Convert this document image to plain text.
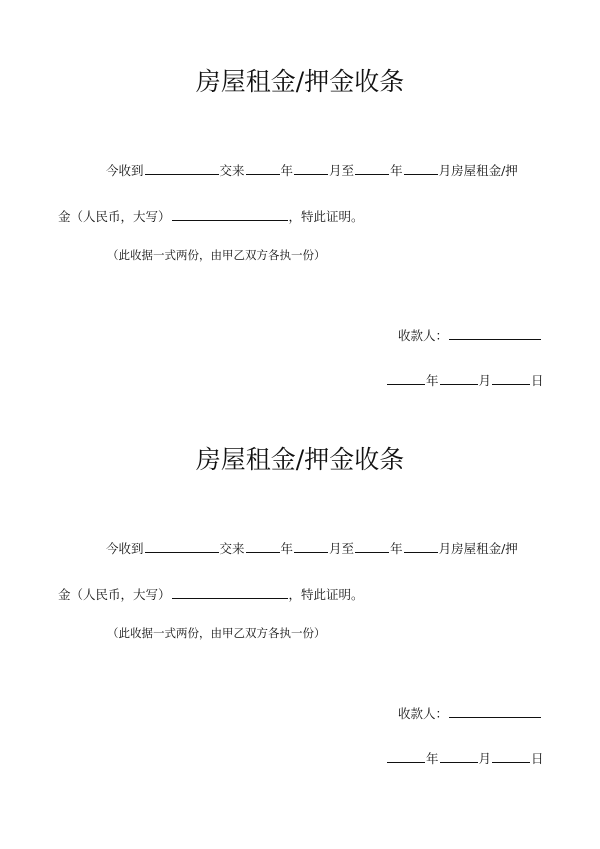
房屋租金/押金收条
今收到	交来	年	月至	年	月房屋租金/押
金（人民币，大写）	，特此证明。
（此收据一式两份，由甲乙双方各执一份）
收款人：
年	月	日
房屋租金/押金收条
今收到	交来	年	月至	年	月房屋租金/押
金（人民币，大写）	，特此证明。
（此收据一式两份，由甲乙双方各执一份）
收款人：
年	月	日
